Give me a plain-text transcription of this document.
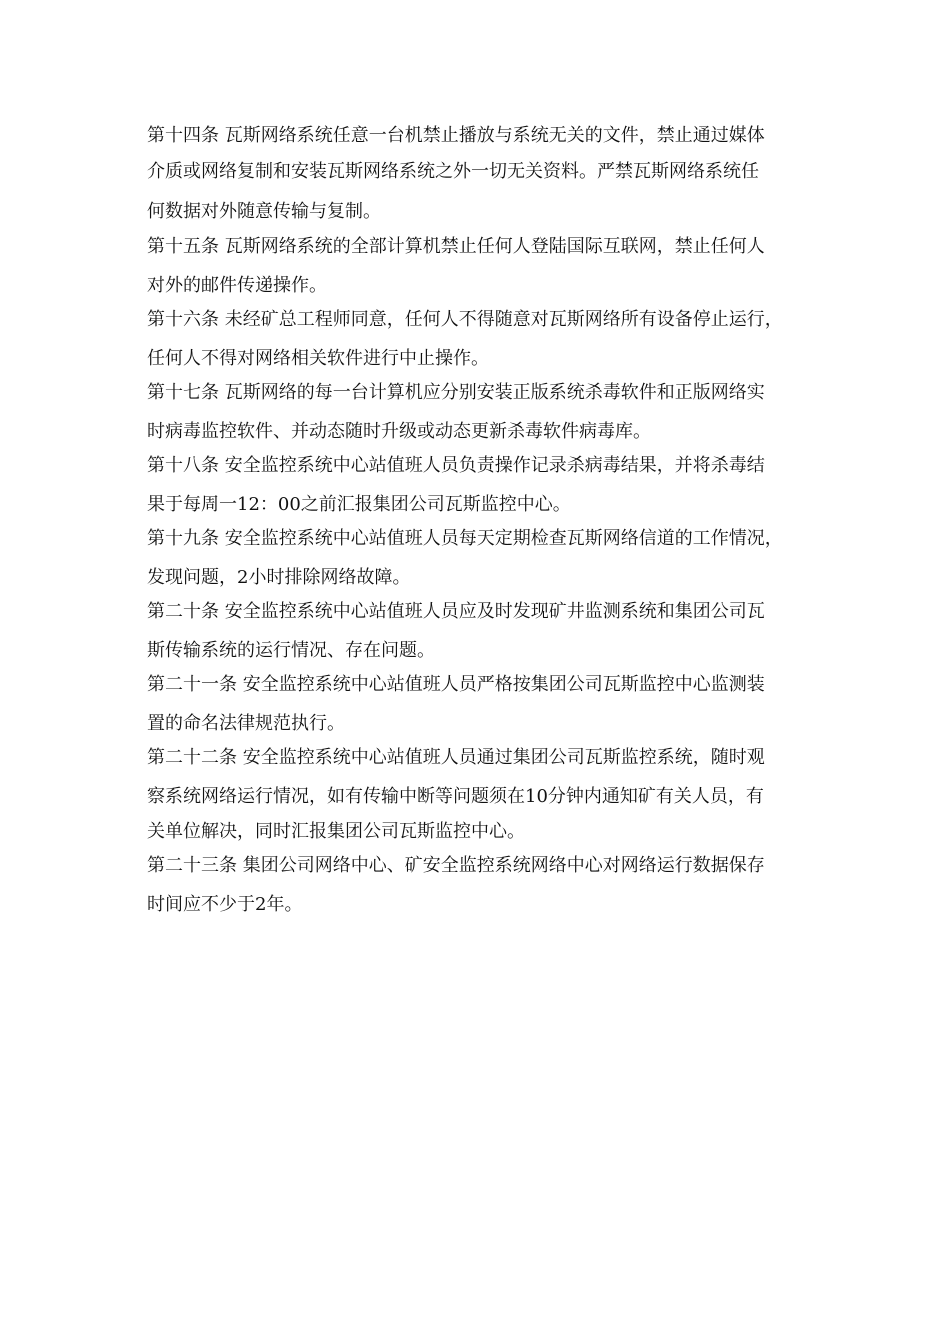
第十四条 瓦斯网络系统任意一台机禁止播放与系统无关的文件，禁止通过媒体
介质或网络复制和安装瓦斯网络系统之外一切无关资料。严禁瓦斯网络系统任
何数据对外随意传输与复制。
第十五条 瓦斯网络系统的全部计算机禁止任何人登陆国际互联网，禁止任何人
对外的邮件传递操作。
第十六条 未经矿总工程师同意，任何人不得随意对瓦斯网络所有设备停止运行，
任何人不得对网络相关软件进行中止操作。
第十七条 瓦斯网络的每一台计算机应分别安装正版系统杀毒软件和正版网络实
时病毒监控软件、并动态随时升级或动态更新杀毒软件病毒库。
第十八条 安全监控系统中心站值班人员负责操作记录杀病毒结果，并将杀毒结
果于每周一12：00之前汇报集团公司瓦斯监控中心。
第十九条 安全监控系统中心站值班人员每天定期检查瓦斯网络信道的工作情况，
发现问题，2小时排除网络故障。
第二十条 安全监控系统中心站值班人员应及时发现矿井监测系统和集团公司瓦
斯传输系统的运行情况、存在问题。
第二十一条 安全监控系统中心站值班人员严格按集团公司瓦斯监控中心监测装
置的命名法律规范执行。
第二十二条 安全监控系统中心站值班人员通过集团公司瓦斯监控系统，随时观
察系统网络运行情况，如有传输中断等问题须在10分钟内通知矿有关人员，有
关单位解决，同时汇报集团公司瓦斯监控中心。
第二十三条 集团公司网络中心、矿安全监控系统网络中心对网络运行数据保存
时间应不少于2年。
